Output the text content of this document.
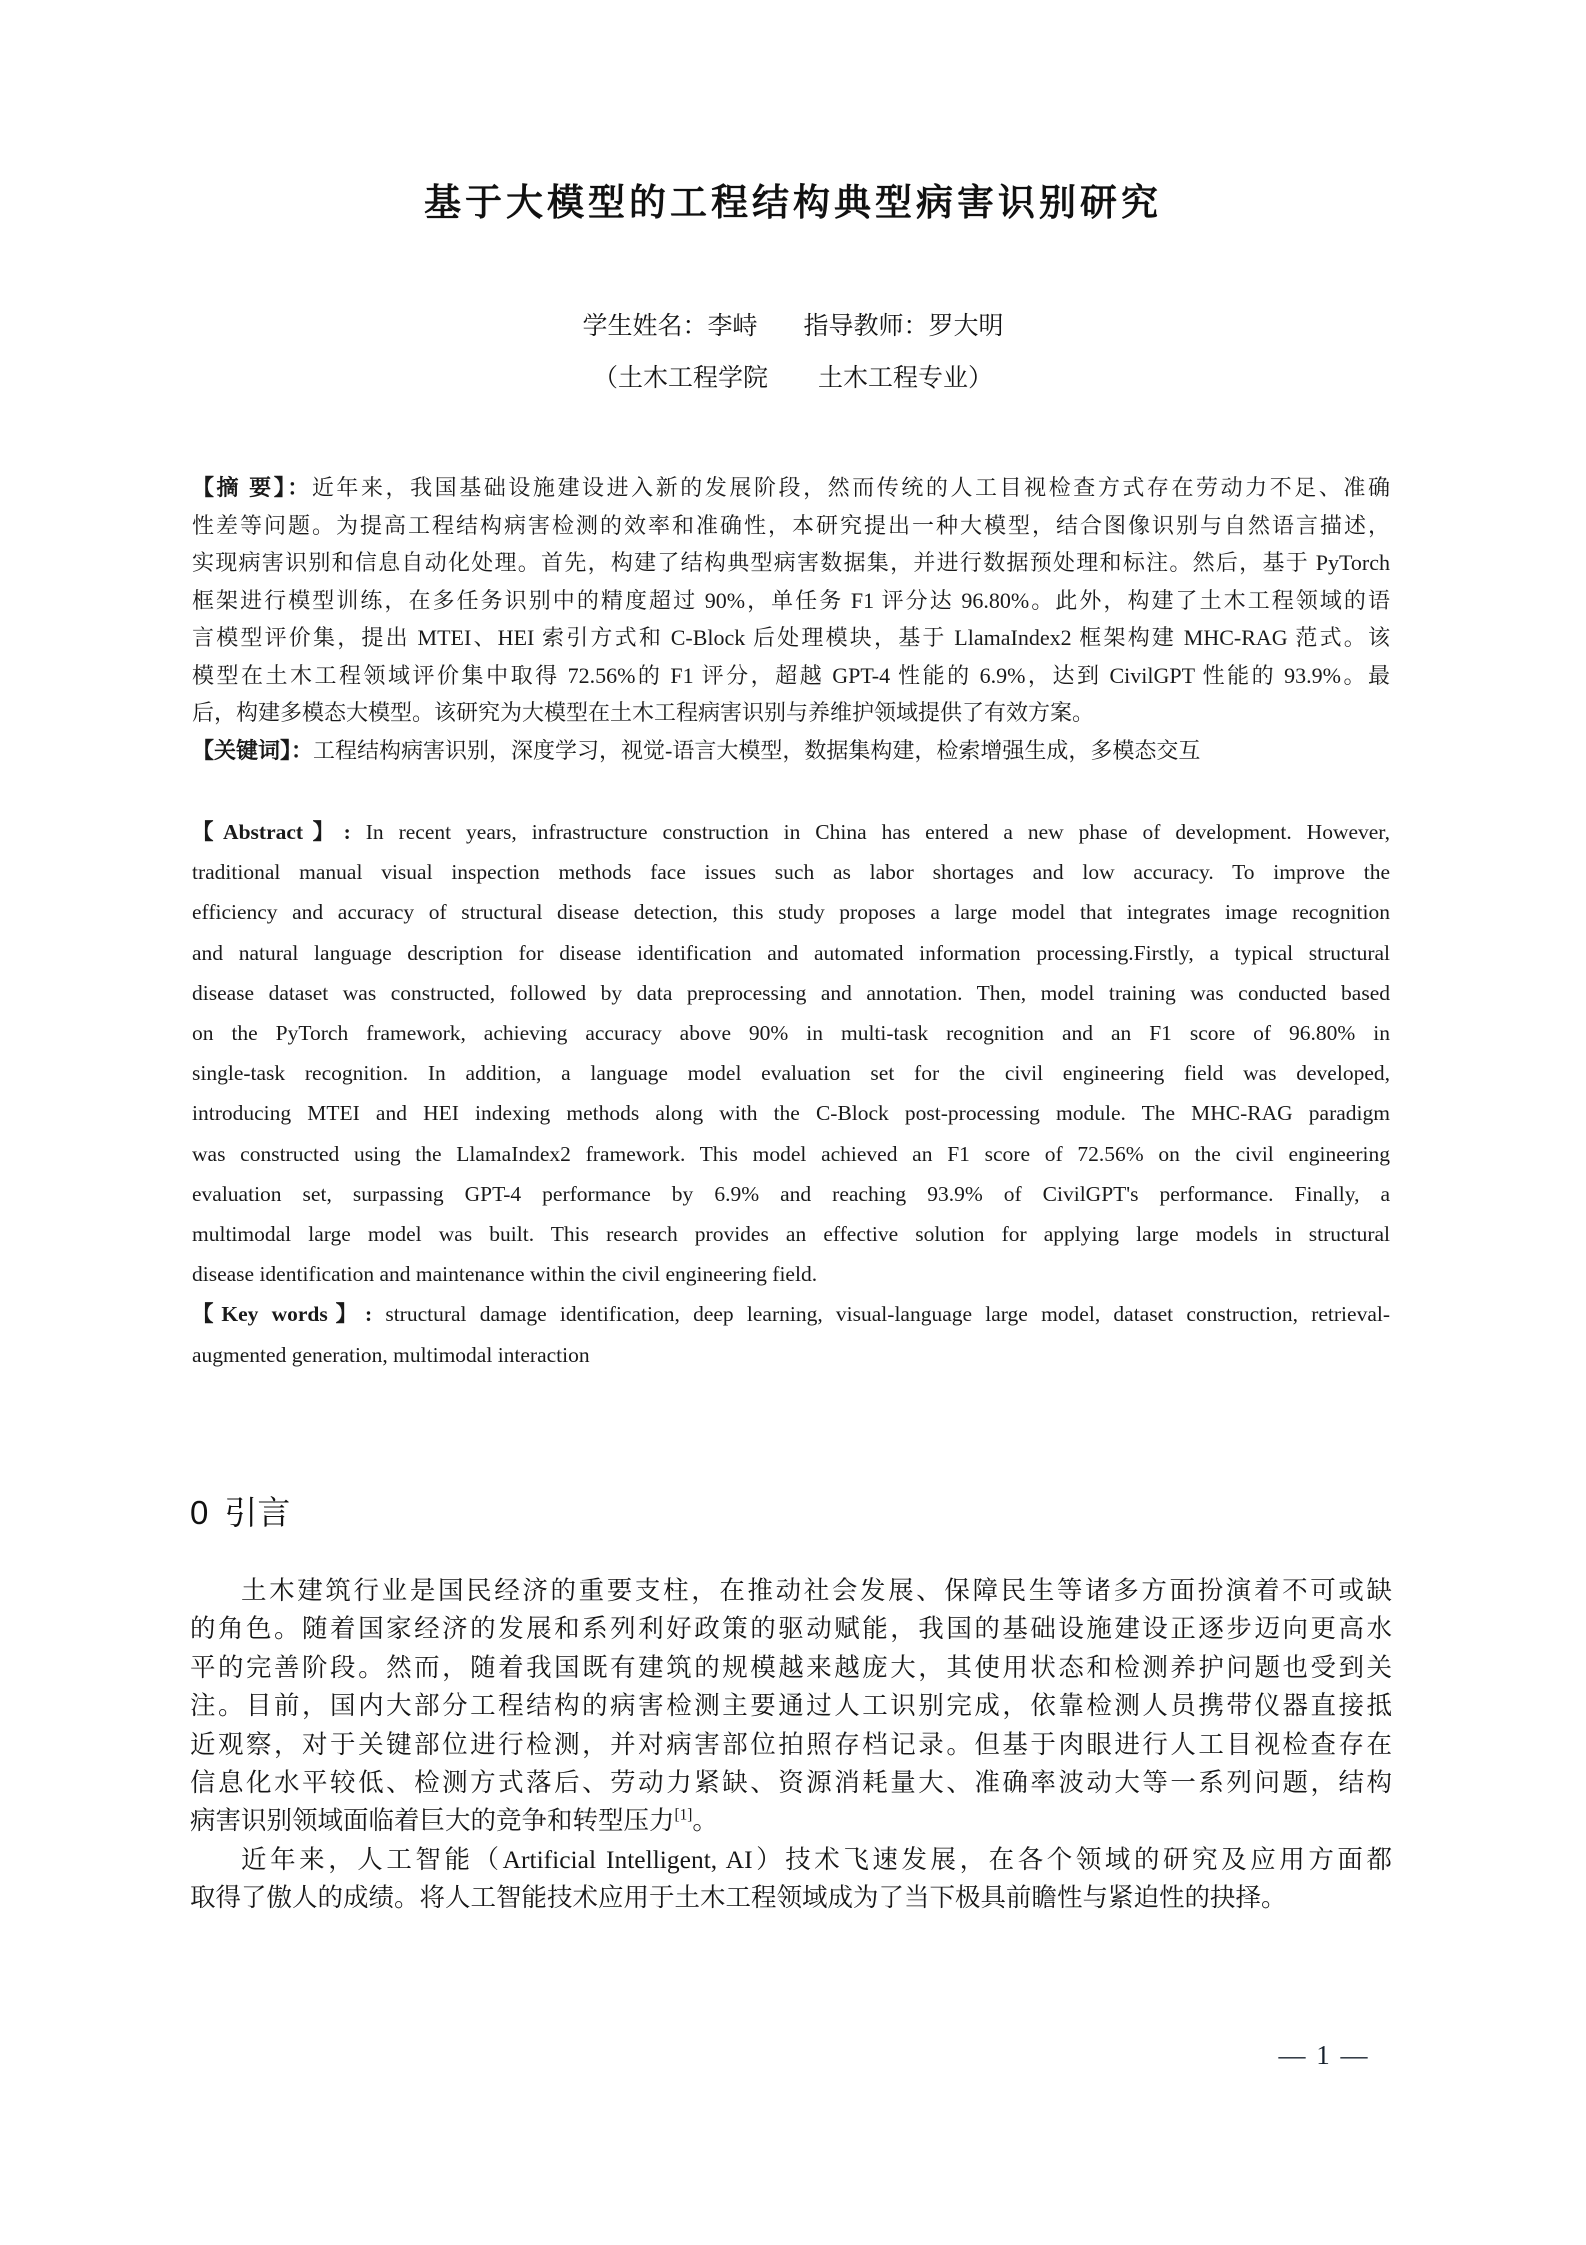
基于大模型的工程结构典型病害识别研究
学生姓名：李峙 指导教师：罗大明
（土木工程学院　　土木工程专业）
【摘 要】：近年来，我国基础设施建设进入新的发展阶段，然而传统的人工目视检查方式存在劳动力不足、准确
性差等问题。为提高工程结构病害检测的效率和准确性，本研究提出一种大模型，结合图像识别与自然语言描述，
实现病害识别和信息自动化处理。首先，构建了结构典型病害数据集，并进行数据预处理和标注。然后，基于 PyTorch
框架进行模型训练，在多任务识别中的精度超过 90%，单任务 F1 评分达 96.80%。此外，构建了土木工程领域的语
言模型评价集，提出 MTEI、HEI 索引方式和 C-Block 后处理模块，基于 LlamaIndex2 框架构建 MHC-RAG 范式。该
模型在土木工程领域评价集中取得 72.56%的 F1 评分，超越 GPT-4 性能的 6.9%，达到 CivilGPT 性能的 93.9%。最
后，构建多模态大模型。该研究为大模型在土木工程病害识别与养维护领域提供了有效方案。
【关键词】：工程结构病害识别，深度学习，视觉-语言大模型，数据集构建，检索增强生成，多模态交互
【Abstract】: In recent years, infrastructure construction in China has entered a new phase of development. However,
traditional manual visual inspection methods face issues such as labor shortages and low accuracy. To improve the
efficiency and accuracy of structural disease detection, this study proposes a large model that integrates image recognition
and natural language description for disease identification and automated information processing.Firstly, a typical structural
disease dataset was constructed, followed by data preprocessing and annotation. Then, model training was conducted based
on the PyTorch framework, achieving accuracy above 90% in multi-task recognition and an F1 score of 96.80% in
single-task recognition. In addition, a language model evaluation set for the civil engineering field was developed,
introducing MTEI and HEI indexing methods along with the C-Block post-processing module. The MHC-RAG paradigm
was constructed using the LlamaIndex2 framework. This model achieved an F1 score of 72.56% on the civil engineering
evaluation set, surpassing GPT-4 performance by 6.9% and reaching 93.9% of CivilGPT's performance. Finally, a
multimodal large model was built. This research provides an effective solution for applying large models in structural
disease identification and maintenance within the civil engineering field.
【Key words】: structural damage identification, deep learning, visual-language large model, dataset construction, retrieval-
augmented generation, multimodal interaction
0 引言
土木建筑行业是国民经济的重要支柱，在推动社会发展、保障民生等诸多方面扮演着不可或缺
的角色。随着国家经济的发展和系列利好政策的驱动赋能，我国的基础设施建设正逐步迈向更高水
平的完善阶段。然而，随着我国既有建筑的规模越来越庞大，其使用状态和检测养护问题也受到关
注。目前，国内大部分工程结构的病害检测主要通过人工识别完成，依靠检测人员携带仪器直接抵
近观察，对于关键部位进行检测，并对病害部位拍照存档记录。但基于肉眼进行人工目视检查存在
信息化水平较低、检测方式落后、劳动力紧缺、资源消耗量大、准确率波动大等一系列问题，结构
病害识别领域面临着巨大的竞争和转型压力[1]。
近年来，人工智能（Artificial Intelligent, AI）技术飞速发展，在各个领域的研究及应用方面都
取得了傲人的成绩。将人工智能技术应用于土木工程领域成为了当下极具前瞻性与紧迫性的抉择。
— 1 —
